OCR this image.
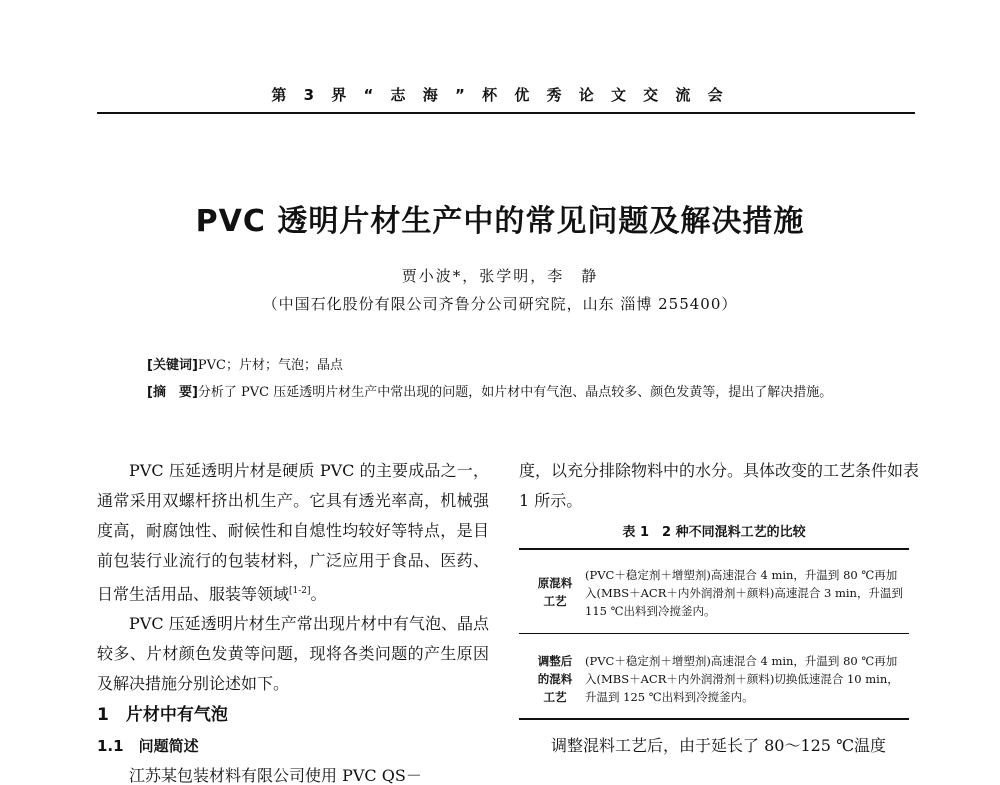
第 3 界 “ 志 海 ” 杯 优 秀 论 文 交 流 会
PVC 透明片材生产中的常见问题及解决措施
贾小波*，张学明，李　静
（中国石化股份有限公司齐鲁分公司研究院，山东 淄博 255400）
[关键词]PVC；片材；气泡；晶点
[摘　要]分析了 PVC 压延透明片材生产中常出现的问题，如片材中有气泡、晶点较多、颜色发黄等，提出了解决措施。

PVC 压延透明片材是硬质 PVC 的主要成品之一，通常采用双螺杆挤出机生产。它具有透光率高，机械强度高，耐腐蚀性、耐候性和自熄性均较好等特点，是目前包装行业流行的包装材料，广泛应用于食品、医药、日常生活用品、服装等领域[1-2]。

PVC 压延透明片材生产常出现片材中有气泡、晶点较多、片材颜色发黄等问题，现将各类问题的产生原因及解决措施分别论述如下。

1　片材中有气泡
1.1　问题简述

江苏某包装材料有限公司使用 PVC QS－

度，以充分排除物料中的水分。具体改变的工艺条件如表 1 所示。

表 1　2 种不同混料工艺的比较
原混料工艺
(PVC＋稳定剂＋增塑剂)高速混合 4 min，升温到 80 ℃再加入(MBS＋ACR＋内外润滑剂＋颜料)高速混合 3 min，升温到 115 ℃出料到冷搅釜内。
调整后的混料工艺
(PVC＋稳定剂＋增塑剂)高速混合 4 min，升温到 80 ℃再加入(MBS＋ACR＋内外润滑剂＋颜料)切换低速混合 10 min，升温到 125 ℃出料到冷搅釜内。
调整混料工艺后，由于延长了 80～125 ℃温度
